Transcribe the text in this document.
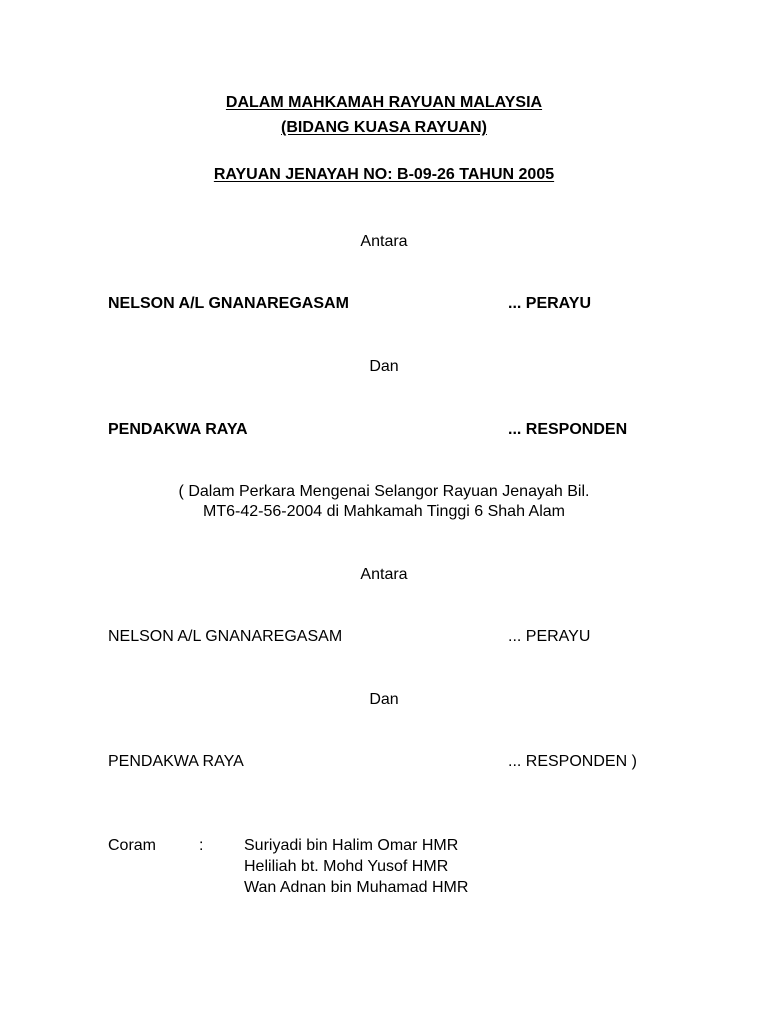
DALAM MAHKAMAH RAYUAN MALAYSIA
(BIDANG KUASA RAYUAN)
RAYUAN JENAYAH NO: B-09-26 TAHUN 2005
Antara
NELSON A/L GNANAREGASAM	... PERAYU
Dan
PENDAKWA RAYA	... RESPONDEN
( Dalam Perkara Mengenai Selangor Rayuan Jenayah Bil.
MT6-42-56-2004 di Mahkamah Tinggi 6 Shah Alam
Antara
NELSON A/L GNANAREGASAM	... PERAYU
Dan
PENDAKWA RAYA	... RESPONDEN )
Coram	:	Suriyadi bin Halim Omar HMR
Heliliah bt. Mohd Yusof HMR
Wan Adnan bin Muhamad HMR
